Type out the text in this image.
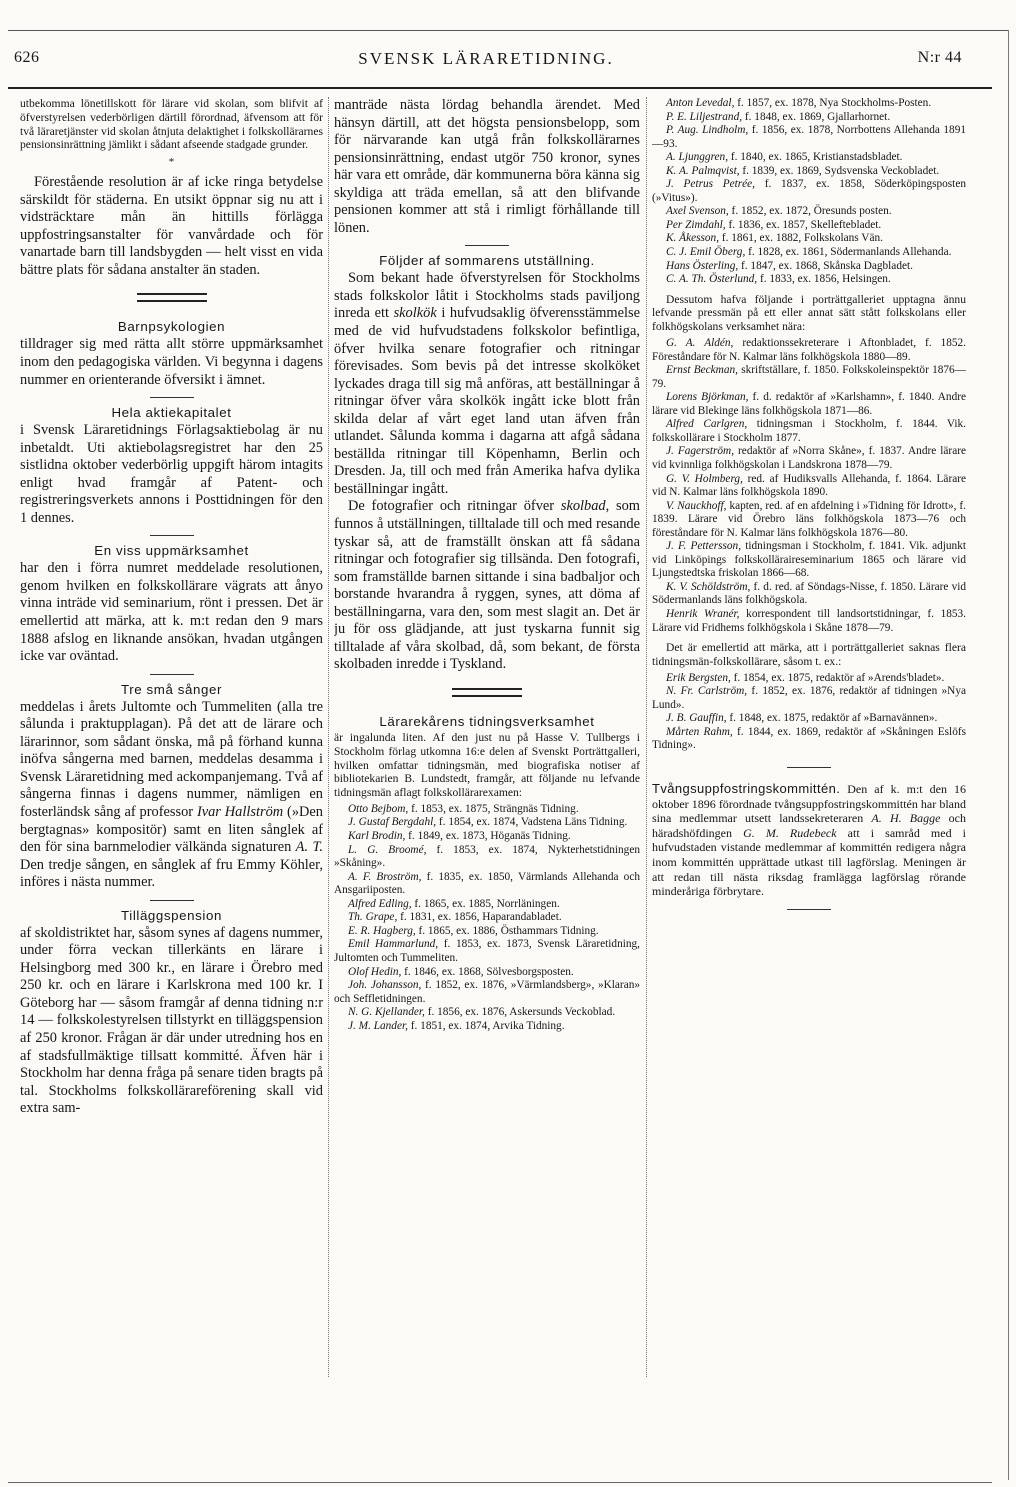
626	SVENSK LÄRARETIDNING.	N:r 44

utbekomma lönetillskott för lärare vid skolan, som blifvit af öfverstyrelsen vederbörligen därtill förordnad, äfvensom att för två läraretjänster vid skolan åtnjuta delaktighet i folkskollärarnes pensionsinrättning jämlikt i sådant afseende stadgade grunder.

*

Förestående resolution är af icke ringa betydelse särskildt för städerna. En utsikt öppnar sig nu att i vidsträcktare mån än hittills förlägga uppfostringsanstalter för vanvårdade och för vanartade barn till landsbygden — helt visst en vida bättre plats för sådana anstalter än staden.

Barnpsykologien

tilldrager sig med rätta allt större uppmärksamhet inom den pedagogiska världen. Vi begynna i dagens nummer en orienterande öfversikt i ämnet.

Hela aktiekapitalet

i Svensk Läraretidnings Förlagsaktiebolag är nu inbetaldt. Uti aktiebolagsregistret har den 25 sistlidna oktober vederbörlig uppgift härom intagits enligt hvad framgår af Patent- och registreringsverkets annons i Posttidningen för den 1 dennes.

En viss uppmärksamhet

har den i förra numret meddelade resolutionen, genom hvilken en folkskollärare vägrats att ånyo vinna inträde vid seminarium, rönt i pressen. Det är emellertid att märka, att k. m:t redan den 9 mars 1888 afslog en liknande ansökan, hvadan utgången icke var oväntad.

Tre små sånger

meddelas i årets Jultomte och Tummeliten (alla tre sålunda i praktupplagan). På det att de lärare och lärarinnor, som sådant önska, må på förhand kunna inöfva sångerna med barnen, meddelas desamma i Svensk Läraretidning med ackompanjemang. Två af sångerna finnas i dagens nummer, nämligen en fosterländsk sång af professor Ivar Hallström (»Den bergtagnas» kompositör) samt en liten sånglek af den för sina barnmelodier välkända signaturen A. T. Den tredje sången, en sånglek af fru Emmy Köhler, införes i nästa nummer.

Tilläggspension

af skoldistriktet har, såsom synes af dagens nummer, under förra veckan tillerkänts en lärare i Helsingborg med 300 kr., en lärare i Örebro med 250 kr. och en lärare i Karlskrona med 100 kr. I Göteborg har — såsom framgår af denna tidning n:r 14 — folkskolestyrelsen tillstyrkt en tilläggspension af 250 kronor. Frågan är där under utredning hos en af stadsfullmäktige tillsatt kommitté. Äfven här i Stockholm har denna fråga på senare tiden bragts på tal. Stockholms folkskollärareförening skall vid extra sam-

manträde nästa lördag behandla ärendet. Med hänsyn därtill, att det högsta pensionsbelopp, som för närvarande kan utgå från folkskollärarnes pensionsinrättning, endast utgör 750 kronor, synes här vara ett område, där kommunerna böra känna sig skyldiga att träda emellan, så att den blifvande pensionen kommer att stå i rimligt förhållande till lönen.

Följder af sommarens utställning.

Som bekant hade öfverstyrelsen för Stockholms stads folkskolor låtit i Stockholms stads paviljong inreda ett skolkök i hufvudsaklig öfverensstämmelse med de vid hufvudstadens folkskolor befintliga, öfver hvilka senare fotografier och ritningar förevisades. Som bevis på det intresse skolköket lyckades draga till sig må anföras, att beställningar å ritningar öfver våra skolkök ingått icke blott från skilda delar af vårt eget land utan äfven från utlandet. Sålunda komma i dagarna att afgå sådana beställda ritningar till Köpenhamn, Berlin och Dresden. Ja, till och med från Amerika hafva dylika beställningar ingått.

De fotografier och ritningar öfver skolbad, som funnos å utställningen, tilltalade till och med resande tyskar så, att de framställt önskan att få sådana ritningar och fotografier sig tillsända. Den fotografi, som framställde barnen sittande i sina badbaljor och borstande hvarandra å ryggen, synes, att döma af beställningarna, vara den, som mest slagit an. Det är ju för oss glädjande, att just tyskarna funnit sig tilltalade af våra skolbad, då, som bekant, de första skolbaden inredde i Tyskland.

Lärarekårens tidningsverksamhet

är ingalunda liten. Af den just nu på Hasse V. Tullbergs i Stockholm förlag utkomna 16:e delen af Svenskt Porträttgalleri, hvilken omfattar tidningsmän, med biografiska notiser af bibliotekarien B. Lundstedt, framgår, att följande nu lefvande tidningsmän aflagt folkskollärarexamen:

Otto Bejbom, f. 1853, ex. 1875, Strängnäs Tidning.

J. Gustaf Bergdahl, f. 1854, ex. 1874, Vadstena Läns Tidning.

Karl Brodin, f. 1849, ex. 1873, Höganäs Tidning.

L. G. Broomé, f. 1853, ex. 1874, Nykterhetstidningen »Skåning».

A. F. Broström, f. 1835, ex. 1850, Värmlands Allehanda och Ansgariiposten.

Alfred Edling, f. 1865, ex. 1885, Norrläningen.

Th. Grape, f. 1831, ex. 1856, Haparandabladet.

E. R. Hagberg, f. 1865, ex. 1886, Östhammars Tidning.

Emil Hammarlund, f. 1853, ex. 1873, Svensk Läraretidning, Jultomten och Tummeliten.

Olof Hedin, f. 1846, ex. 1868, Sölvesborgsposten.

Joh. Johansson, f. 1852, ex. 1876, »Värmlandsberg», »Klaran» och Seffletidningen.

N. G. Kjellander, f. 1856, ex. 1876, Askersunds Veckoblad.

J. M. Lander, f. 1851, ex. 1874, Arvika Tidning.

Anton Levedal, f. 1857, ex. 1878, Nya Stockholms-Posten.

P. E. Liljestrand, f. 1848, ex. 1869, Gjallarhornet.

P. Aug. Lindholm, f. 1856, ex. 1878, Norrbottens Allehanda 1891—93.

A. Ljunggren, f. 1840, ex. 1865, Kristianstadsbladet.

K. A. Palmqvist, f. 1839, ex. 1869, Sydsvenska Veckobladet.

J. Petrus Petrée, f. 1837, ex. 1858, Söderköpingsposten (»Vitus»).

Axel Svenson, f. 1852, ex. 1872, Öresunds posten.

Per Zimdahl, f. 1836, ex. 1857, Skelleftebladet.

K. Åkesson, f. 1861, ex. 1882, Folkskolans Vän.

C. J. Emil Öberg, f. 1828, ex. 1861, Södermanlands Allehanda.

Hans Österling, f. 1847, ex. 1868, Skånska Dagbladet.

C. A. Th. Österlund, f. 1833, ex. 1856, Helsingen.

Dessutom hafva följande i porträttgalleriet upptagna ännu lefvande pressmän på ett eller annat sätt stått folkskolans eller folkhögskolans verksamhet nära:

G. A. Aldén, redaktionssekreterare i Aftonbladet, f. 1852. Föreståndare för N. Kalmar läns folkhögskola 1880—89.

Ernst Beckman, skriftställare, f. 1850. Folkskoleinspektör 1876—79.

Lorens Björkman, f. d. redaktör af »Karlshamn», f. 1840. Andre lärare vid Blekinge läns folkhögskola 1871—86.

Alfred Carlgren, tidningsman i Stockholm, f. 1844. Vik. folkskollärare i Stockholm 1877.

J. Fagerström, redaktör af »Norra Skåne», f. 1837. Andre lärare vid kvinnliga folkhögskolan i Landskrona 1878—79.

G. V. Holmberg, red. af Hudiksvalls Allehanda, f. 1864. Lärare vid N. Kalmar läns folkhögskola 1890.

V. Nauckhoff, kapten, red. af en afdelning i »Tidning för Idrott», f. 1839. Lärare vid Örebro läns folkhögskola 1873—76 och föreståndare för N. Kalmar läns folkhögskola 1876—80.

J. F. Pettersson, tidningsman i Stockholm, f. 1841. Vik. adjunkt vid Linköpings folkskolläraireseminarium 1865 och lärare vid Ljungstedtska friskolan 1866—68.

K. V. Schöldström, f. d. red. af Söndags-Nisse, f. 1850. Lärare vid Södermanlands läns folkhögskola.

Henrik Wranér, korrespondent till landsortstidningar, f. 1853. Lärare vid Fridhems folkhögskola i Skåne 1878—79.

Det är emellertid att märka, att i porträttgalleriet saknas flera tidningsmän-folkskollärare, såsom t. ex.:

Erik Bergsten, f. 1854, ex. 1875, redaktör af »Arends'bladet».

N. Fr. Carlström, f. 1852, ex. 1876, redaktör af tidningen »Nya Lund».

J. B. Gauffin, f. 1848, ex. 1875, redaktör af »Barnavännen».

Mårten Rahm, f. 1844, ex. 1869, redaktör af »Skåningen Eslöfs Tidning».

Tvångsuppfostringskommittén. Den af k. m:t den 16 oktober 1896 förordnade tvångsuppfostringskommittén har bland sina medlemmar utsett landssekreteraren A. H. Bagge och häradshöfdingen G. M. Rudebeck att i samråd med i hufvudstaden vistande medlemmar af kommittén redigera några inom kommittén upprättade utkast till lagförslag. Meningen är att redan till nästa riksdag framlägga lagförslag rörande minderåriga förbrytare.
